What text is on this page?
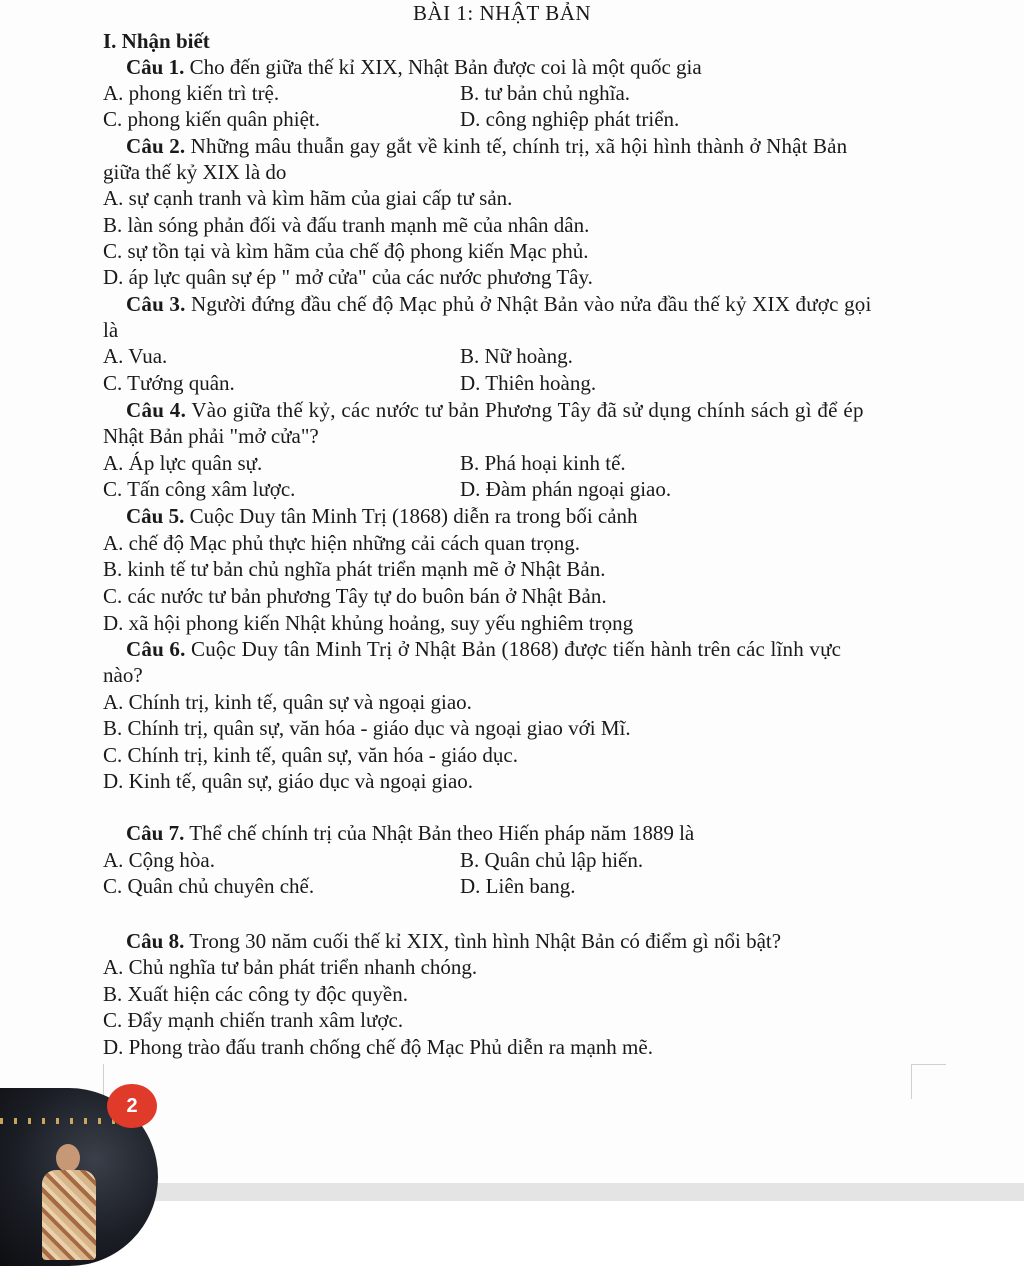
BÀI 1: NHẬT BẢN
I. Nhận biết
Câu 1. Cho đến giữa thế kỉ XIX, Nhật Bản được coi là một quốc gia
A. phong kiến trì trệ.	B. tư bản chủ nghĩa.
C. phong kiến quân phiệt.	D. công nghiệp phát triển.
Câu 2. Những mâu thuẫn gay gắt về kinh tế, chính trị, xã hội hình thành ở Nhật Bản
giữa thế kỷ XIX là do
A. sự cạnh tranh và kìm hãm của giai cấp tư sản.
B. làn sóng phản đối và đấu tranh mạnh mẽ của nhân dân.
C. sự tồn tại và kìm hãm của chế độ phong kiến Mạc phủ.
D. áp lực quân sự ép " mở cửa" của các nước phương Tây.
Câu 3. Người đứng đầu chế độ Mạc phủ ở Nhật Bản vào nửa đầu thế kỷ XIX được gọi
là
A. Vua.	B. Nữ hoàng.
C. Tướng quân.	D. Thiên hoàng.
Câu 4. Vào giữa thế kỷ, các nước tư bản Phương Tây đã sử dụng chính sách gì để ép
Nhật Bản phải "mở cửa"?
A. Áp lực quân sự.	B. Phá hoại kinh tế.
C. Tấn công xâm lược.	D. Đàm phán ngoại giao.
Câu 5. Cuộc Duy tân Minh Trị (1868) diễn ra trong bối cảnh
A. chế độ Mạc phủ thực hiện những cải cách quan trọng.
B. kinh tế tư bản chủ nghĩa phát triển mạnh mẽ ở Nhật Bản.
C. các nước tư bản phương Tây tự do buôn bán ở Nhật Bản.
D. xã hội phong kiến Nhật khủng hoảng, suy yếu nghiêm trọng
Câu 6. Cuộc Duy tân Minh Trị ở Nhật Bản (1868) được tiến hành trên các lĩnh vực
nào?
A. Chính trị, kinh tế, quân sự và ngoại giao.
B. Chính trị, quân sự, văn hóa - giáo dục và ngoại giao với Mĩ.
C. Chính trị, kinh tế, quân sự, văn hóa - giáo dục.
D. Kinh tế, quân sự, giáo dục và ngoại giao.
Câu 7. Thể chế chính trị của Nhật Bản theo Hiến pháp năm 1889 là
A. Cộng hòa.	B. Quân chủ lập hiến.
C. Quân chủ chuyên chế.	D. Liên bang.
Câu 8. Trong 30 năm cuối thế kỉ XIX, tình hình Nhật Bản có điểm gì nổi bật?
A. Chủ nghĩa tư bản phát triển nhanh chóng.
B. Xuất hiện các công ty độc quyền.
C. Đẩy mạnh chiến tranh xâm lược.
D. Phong trào đấu tranh chống chế độ Mạc Phủ diễn ra mạnh mẽ.
2
